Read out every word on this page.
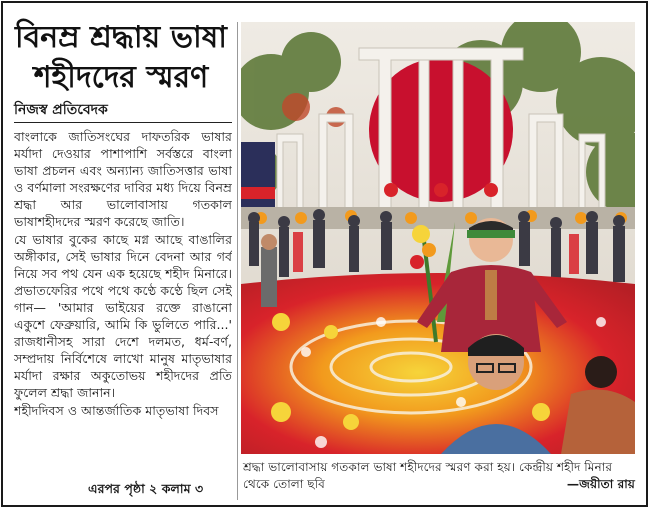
বিনম্র শ্রদ্ধায় ভাষা
শহীদদের স্মরণ
নিজস্ব প্রতিবেদক

বাংলাকে জাতিসংঘের দাফতরিক ভাষার মর্যাদা দেওয়ার পাশাপাশি সর্বস্তরে বাংলা ভাষা প্রচলন এবং অন্যান্য জাতিসত্তার ভাষা ও বর্ণমালা সংরক্ষণের দাবির মধ্য দিয়ে বিনম্র শ্রদ্ধা আর ভালোবাসায় গতকাল ভাষাশহীদদের স্মরণ করেছে জাতি।

যে ভাষার বুকের কাছে মগ্ন আছে বাঙালির অঙ্গীকার, সেই ভাষার দিনে বেদনা আর গর্ব নিয়ে সব পথ যেন এক হয়েছে শহীদ মিনারে। প্রভাতফেরির পথে পথে কণ্ঠে কণ্ঠে ছিল সেই গান— 'আমার ভাইয়ের রক্তে রাঙানো একুশে ফেব্রুয়ারি, আমি কি ভুলিতে পারি...' রাজধানীসহ সারা দেশে দলমত, ধর্ম-বর্ণ, সম্প্রদায় নির্বিশেষে লাখো মানুষ মাতৃভাষার মর্যাদা রক্ষার অকুতোভয় শহীদদের প্রতি ফুলেল শ্রদ্ধা জানান।

শহীদদিবস ও আন্তর্জাতিক মাতৃভাষা দিবস

এরপর পৃষ্ঠা ২ কলাম ৩
শ্রদ্ধা ভালোবাসায় গতকাল ভাষা শহীদদের স্মরণ করা হয়। কেন্দ্রীয় শহীদ মিনার থেকে তোলা ছবি	—জয়ীতা রায়
